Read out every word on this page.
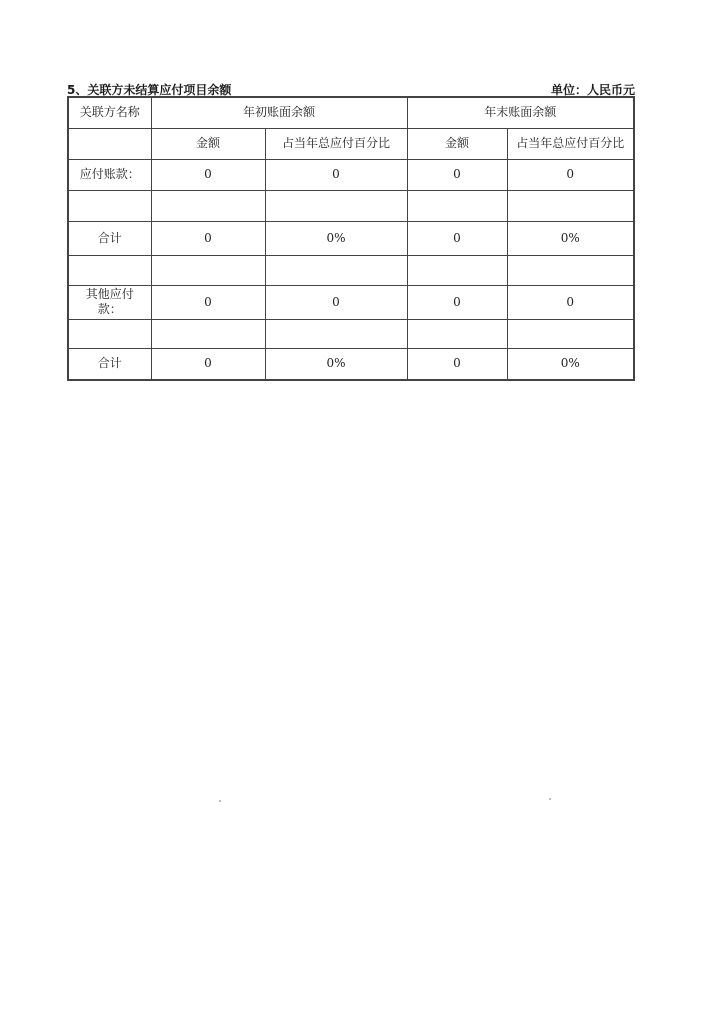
5、关联方未结算应付项目余额	单位：人民币元
关联方名称	年初账面余额		年末账面余额	
	金额	占当年总应付百分比	金额	占当年总应付百分比
应付账款：	0	0	0	0

合计	0	0%	0	0%

其他应付款：	0	0	0	0

合计	0	0%	0	0%
